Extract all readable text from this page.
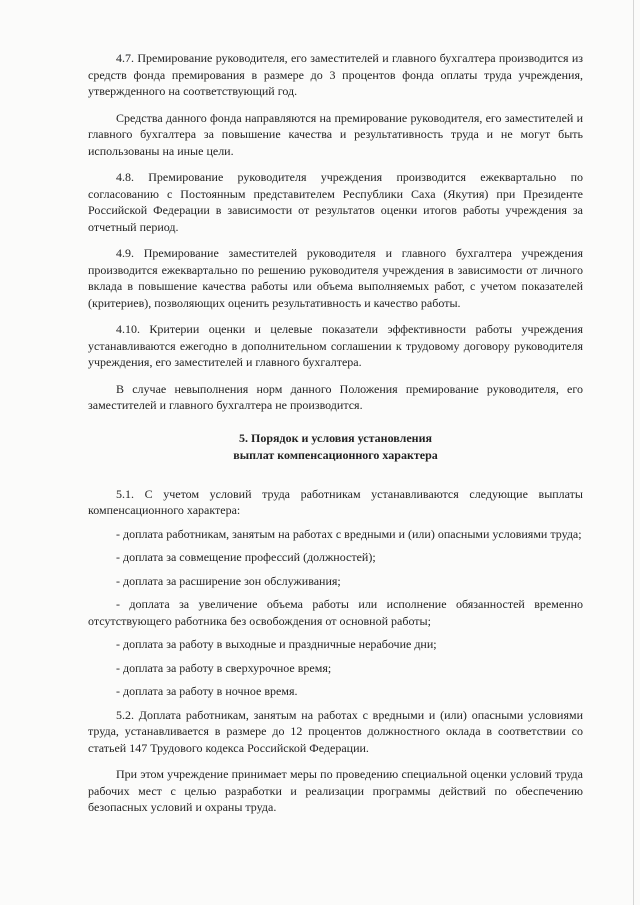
4.7. Премирование руководителя, его заместителей и главного бухгалтера производится из средств фонда премирования в размере до 3 процентов фонда оплаты труда учреждения, утвержденного на соответствующий год.

Средства данного фонда направляются на премирование руководителя, его заместителей и главного бухгалтера за повышение качества и результативность труда и не могут быть использованы на иные цели.

4.8. Премирование руководителя учреждения производится ежеквартально по согласованию с Постоянным представителем Республики Саха (Якутия) при Президенте Российской Федерации в зависимости от результатов оценки итогов работы учреждения за отчетный период.

4.9. Премирование заместителей руководителя и главного бухгалтера учреждения производится ежеквартально по решению руководителя учреждения в зависимости от личного вклада в повышение качества работы или объема выполняемых работ, с учетом показателей (критериев), позволяющих оценить результативность и качество работы.

4.10. Критерии оценки и целевые показатели эффективности работы учреждения устанавливаются ежегодно в дополнительном соглашении к трудовому договору руководителя учреждения, его заместителей и главного бухгалтера.

В случае невыполнения норм данного Положения премирование руководителя, его заместителей и главного бухгалтера не производится.

5. Порядок и условия установления
выплат компенсационного характера

5.1. С учетом условий труда работникам устанавливаются следующие выплаты компенсационного характера:

- доплата работникам, занятым на работах с вредными и (или) опасными условиями труда;

- доплата за совмещение профессий (должностей);

- доплата за расширение зон обслуживания;

- доплата за увеличение объема работы или исполнение обязанностей временно отсутствующего работника без освобождения от основной работы;

- доплата за работу в выходные и праздничные нерабочие дни;

- доплата за работу в сверхурочное время;

- доплата за работу в ночное время.

5.2. Доплата работникам, занятым на работах с вредными и (или) опасными условиями труда, устанавливается в размере до 12 процентов должностного оклада в соответствии со статьей 147 Трудового кодекса Российской Федерации.

При этом учреждение принимает меры по проведению специальной оценки условий труда рабочих мест с целью разработки и реализации программы действий по обеспечению безопасных условий и охраны труда.
